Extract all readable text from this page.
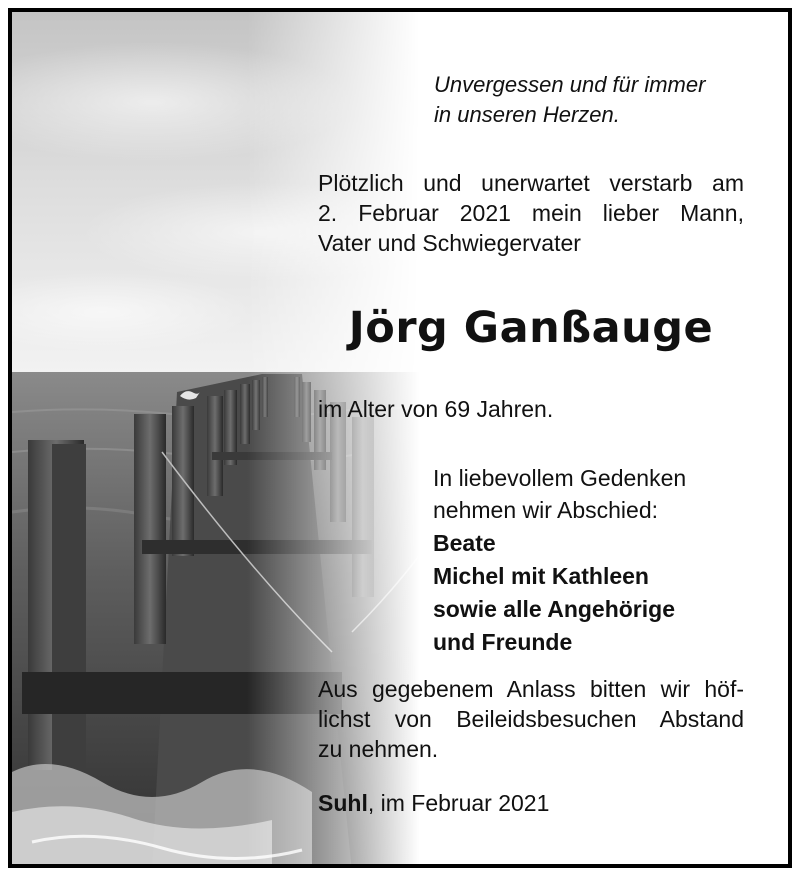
Unvergessen und für immer
in unseren Herzen.
Plötzlich und unerwartet verstarb am
2. Februar 2021 mein lieber Mann,
Vater und Schwiegervater
Jörg Ganßauge
im Alter von 69 Jahren.
In liebevollem Gedenken
nehmen wir Abschied:
Beate
Michel mit Kathleen
sowie alle Angehörige
und Freunde
Aus gegebenem Anlass bitten wir höf-
lichst von Beileidsbesuchen Abstand
zu nehmen.
Suhl, im Februar 2021
